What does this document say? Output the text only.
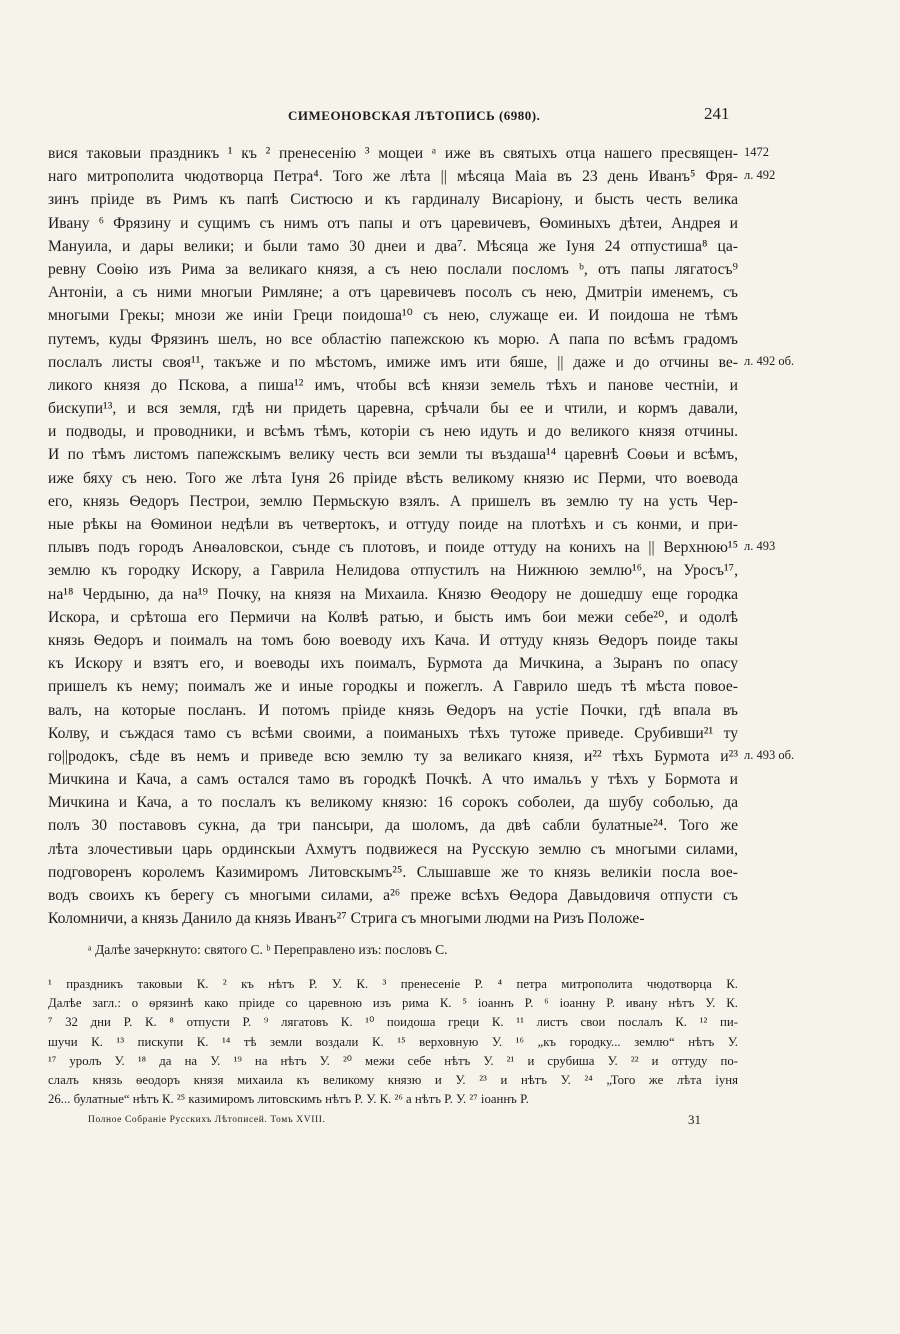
СИМЕОНОВСКАЯ ЛѢТОПИСЬ (6980).	241
вися таковыи праздникъ ¹ къ ² пренесенію ³ мощеи ᵃ иже въ святыхъ отца нашего пресвящен-
наго митрополита чюдотворца Петра⁴. Того же лѣта || мѣсяца Маіа въ 23 день Иванъ⁵ Фря-
зинъ пріиде въ Римъ къ папѣ Систюсю и къ гардиналу Висаріону, и бысть честь велика
Ивану ⁶ Фрязину и сущимъ съ нимъ отъ папы и отъ царевичевъ, Ѳоминыхъ дѣтеи, Андрея и
Мануила, и дары велики; и были тамо 30 днеи и два⁷. Мѣсяца же Іуня 24 отпустиша⁸ ца-
ревну Соѳію изъ Рима за великаго князя, а съ нею послали посломъ ᵇ, отъ папы лягатосъ⁹
Антоніи, а съ ними многыи Римляне; а отъ царевичевъ посолъ съ нею, Дмитріи именемъ, съ
многыми Грекы; мнози же иніи Греци поидоша¹⁰ съ нею, служаще еи. И поидоша не тѣмъ
путемъ, куды Фрязинъ шелъ, но все областію папежскою къ морю. А папа по всѣмъ градомъ
послалъ листы своя¹¹, такъже и по мѣстомъ, имиже имъ ити бяше, || даже и до отчины ве-
ликого князя до Пскова, а пиша¹² имъ, чтобы всѣ князи земель тѣхъ и панове честніи, и
бискупи¹³, и вся земля, гдѣ ни придеть царевна, срѣчали бы ее и чтили, и кормъ давали,
и подводы, и проводники, и всѣмъ тѣмъ, которіи съ нею идуть и до великого князя отчины.
И по тѣмъ листомъ папежскымъ велику честь вси земли ты въздаша¹⁴ царевнѣ Соѳьи и всѣмъ,
иже бяху съ нею. Того же лѣта Іуня 26 пріиде вѣсть великому князю ис Перми, что воевода
его, князь Ѳедоръ Пестрои, землю Пермьскую взялъ. А пришелъ въ землю ту на усть Чер-
ные рѣкы на Ѳоминои недѣли въ четвертокъ, и оттуду поиде на плотѣхъ и съ конми, и при-
плывъ подъ городъ Анѳаловскои, сънде съ плотовъ, и поиде оттуду на конихъ на || Верхнюю¹⁵
землю къ городку Искору, а Гаврила Нелидова отпустилъ на Нижнюю землю¹⁶, на Уросъ¹⁷,
на¹⁸ Чердыню, да на¹⁹ Почку, на князя на Михаила. Князю Ѳеодору не дошедшу еще городка
Искора, и срѣтоша его Пермичи на Колвѣ ратью, и бысть имъ бои межи себе²⁰, и одолѣ
князь Ѳедоръ и поималъ на томъ бою воеводу ихъ Кача. И оттуду князь Ѳедоръ поиде такы
къ Искору и взятъ его, и воеводы ихъ поималъ, Бурмота да Мичкина, а Зыранъ по опасу
пришелъ къ нему; поималъ же и иные городкы и пожеглъ. А Гаврило шедъ тѣ мѣста повое-
валъ, на которые посланъ. И потомъ пріиде князь Ѳедоръ на устіе Почки, гдѣ впала въ
Колву, и съждася тамо съ всѣми своими, а поиманыхъ тѣхъ тутоже приведе. Срубивши²¹ ту
го||родокъ, сѣде въ немъ и приведе всю землю ту за великаго князя, и²² тѣхъ Бурмота и²³
Мичкина и Кача, а самъ остался тамо въ городкѣ Почкѣ. А что имальъ у тѣхъ у Бормота и
Мичкина и Кача, а то послалъ къ великому князю: 16 сорокъ соболеи, да шубу соболью, да
полъ 30 поставовъ сукна, да три пансыри, да шоломъ, да двѣ сабли булатные²⁴. Того же
лѣта злочестивыи царь ординскыи Ахмутъ подвижеся на Русскую землю съ многыми силами,
подговоренъ королемъ Казимиромъ Литовскымъ²⁵. Слышавше же то князь великіи посла вое-
водъ своихъ къ берегу съ многыми силами, а²⁶ преже всѣхъ Ѳедора Давыдовичя отпусти съ
Коломничи, а князь Данило да князь Иванъ²⁷ Стрига съ многыми людми на Ризъ Положе-
1472
л. 492
л. 492 об.
л. 493
л. 493 об.
ᵃ Далѣе зачеркнуто: святого С. ᵇ Переправлено изъ: пословъ С.
¹ праздникъ таковыи К. ² къ нѣтъ Р. У. К. ³ пренесеніе Р. ⁴ петра митрополита чюдотворца К.
Далѣе загл.: о ѳрязинѣ како пріиде со царевною изъ рима К. ⁵ іоаннъ Р. ⁶ іоанну Р. ивану нѣтъ У. К.
⁷ 32 дни Р. К. ⁸ отпусти Р. ⁹ лягатовъ К. ¹⁰ поидоша греци К. ¹¹ листъ свои послалъ К. ¹² пи-
шучи К. ¹³ пискупи К. ¹⁴ тѣ земли воздали К. ¹⁵ верховную У. ¹⁶ „къ городку... землю“ нѣтъ У.
¹⁷ уролъ У. ¹⁸ да на У. ¹⁹ на нѣтъ У. ²⁰ межи себе нѣтъ У. ²¹ и срубиша У. ²² и оттуду по-
слалъ князь ѳеодоръ князя михаила къ великому князю и У. ²³ и нѣтъ У. ²⁴ „Того же лѣта іуня
26... булатные“ нѣтъ К. ²⁵ казимиромъ литовскимъ нѣтъ Р. У. К. ²⁶ а нѣтъ Р. У. ²⁷ іоаннъ Р.
Полное Собраніе Русскихъ Лѣтописей. Томъ XVIII.	31
